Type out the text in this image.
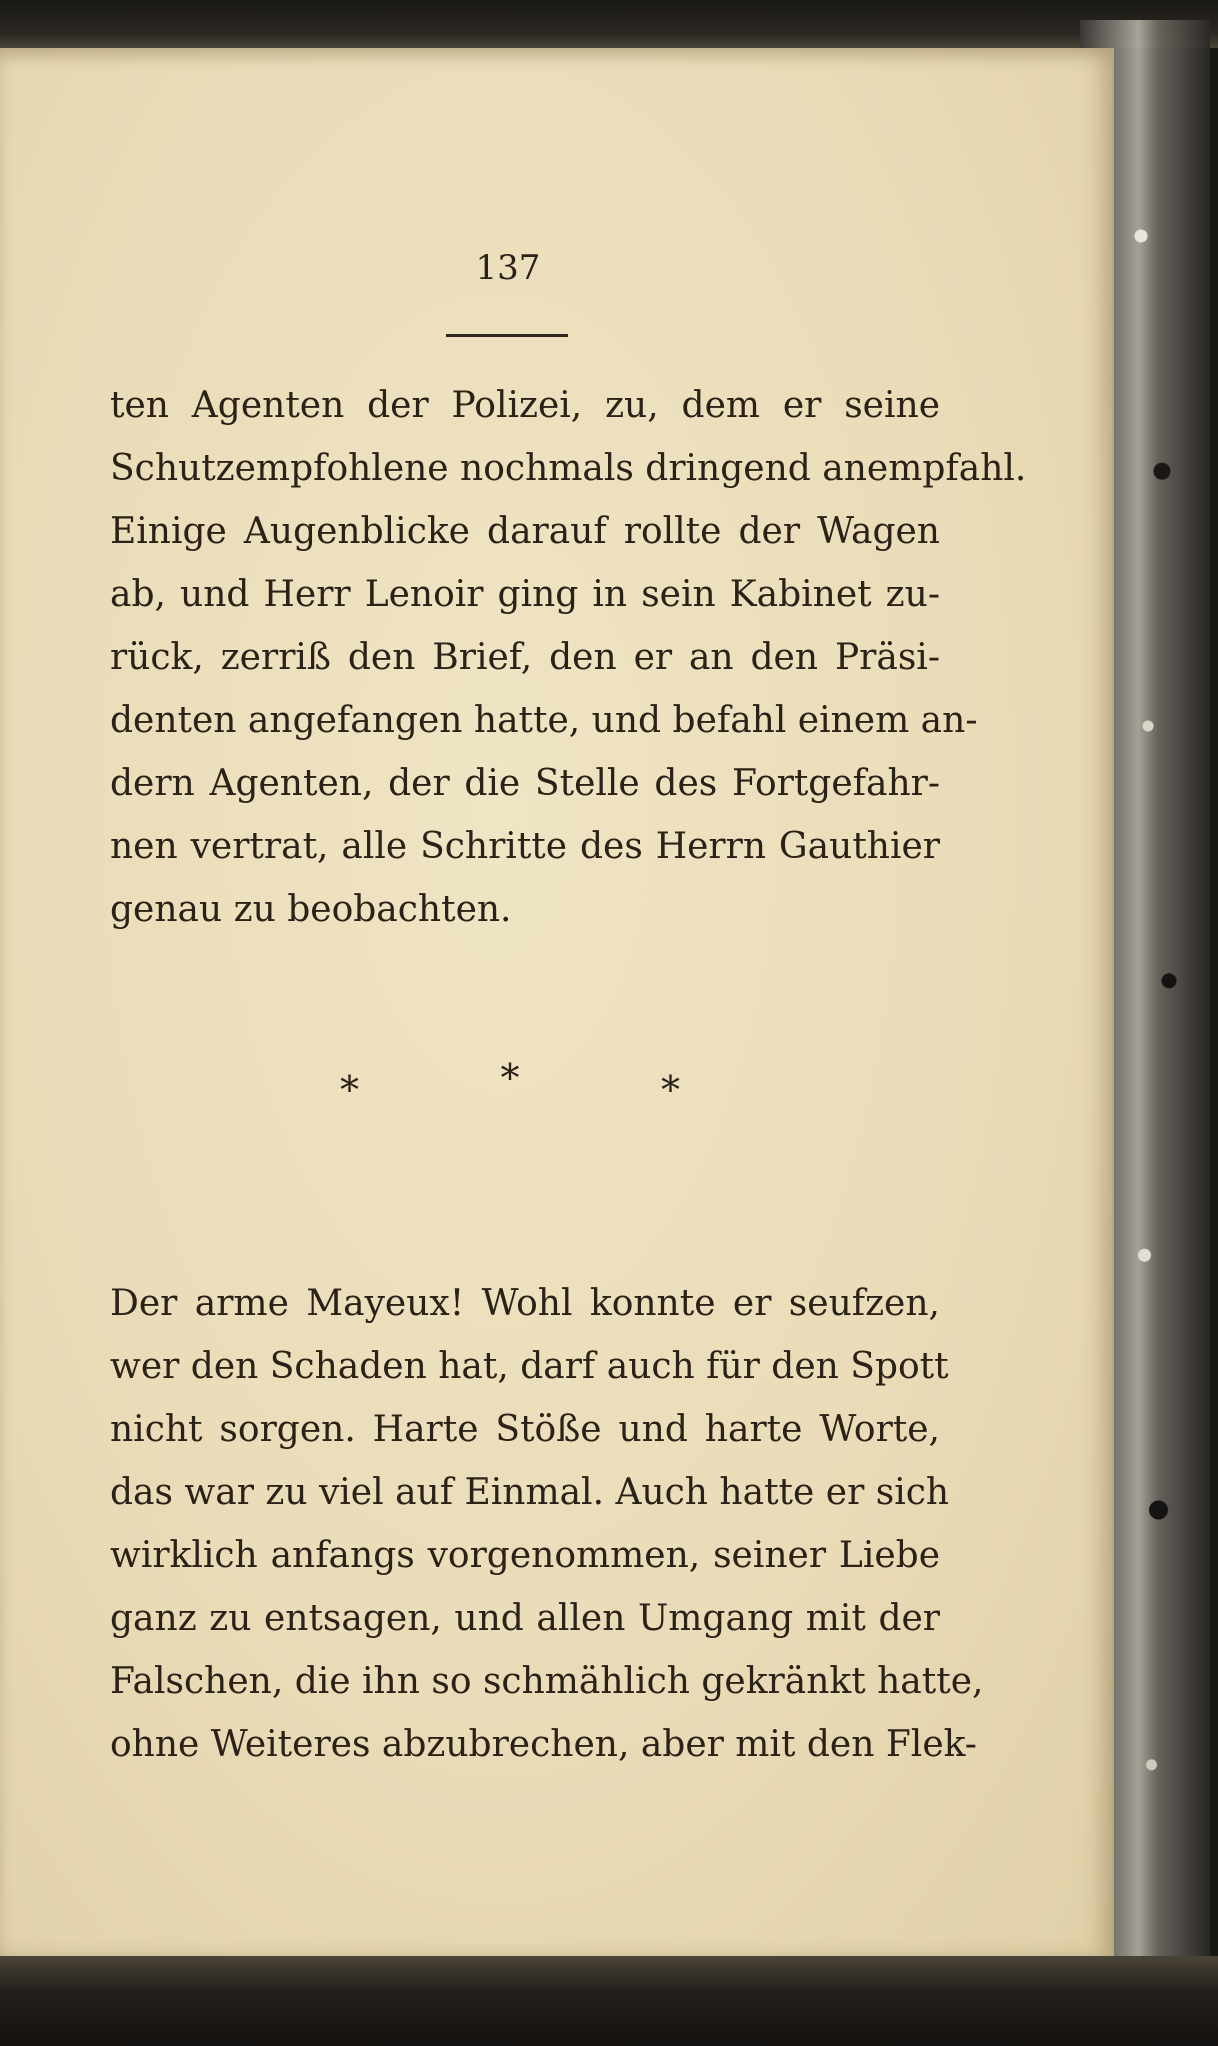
137
ten Agenten der Polizei, zu, dem er seine
Schutzempfohlene nochmals dringend anempfahl.
Einige Augenblicke darauf rollte der Wagen
ab, und Herr Lenoir ging in sein Kabinet zu-
rück, zerriß den Brief, den er an den Präsi-
denten angefangen hatte, und befahl einem an-
dern Agenten, der die Stelle des Fortgefahr-
nen vertrat, alle Schritte des Herrn Gauthier
genau zu beobachten.
*	*	*
Der arme Mayeux! Wohl konnte er seufzen,
wer den Schaden hat, darf auch für den Spott
nicht sorgen. Harte Stöße und harte Worte,
das war zu viel auf Einmal. Auch hatte er sich
wirklich anfangs vorgenommen, seiner Liebe
ganz zu entsagen, und allen Umgang mit der
Falschen, die ihn so schmählich gekränkt hatte,
ohne Weiteres abzubrechen, aber mit den Flek-
